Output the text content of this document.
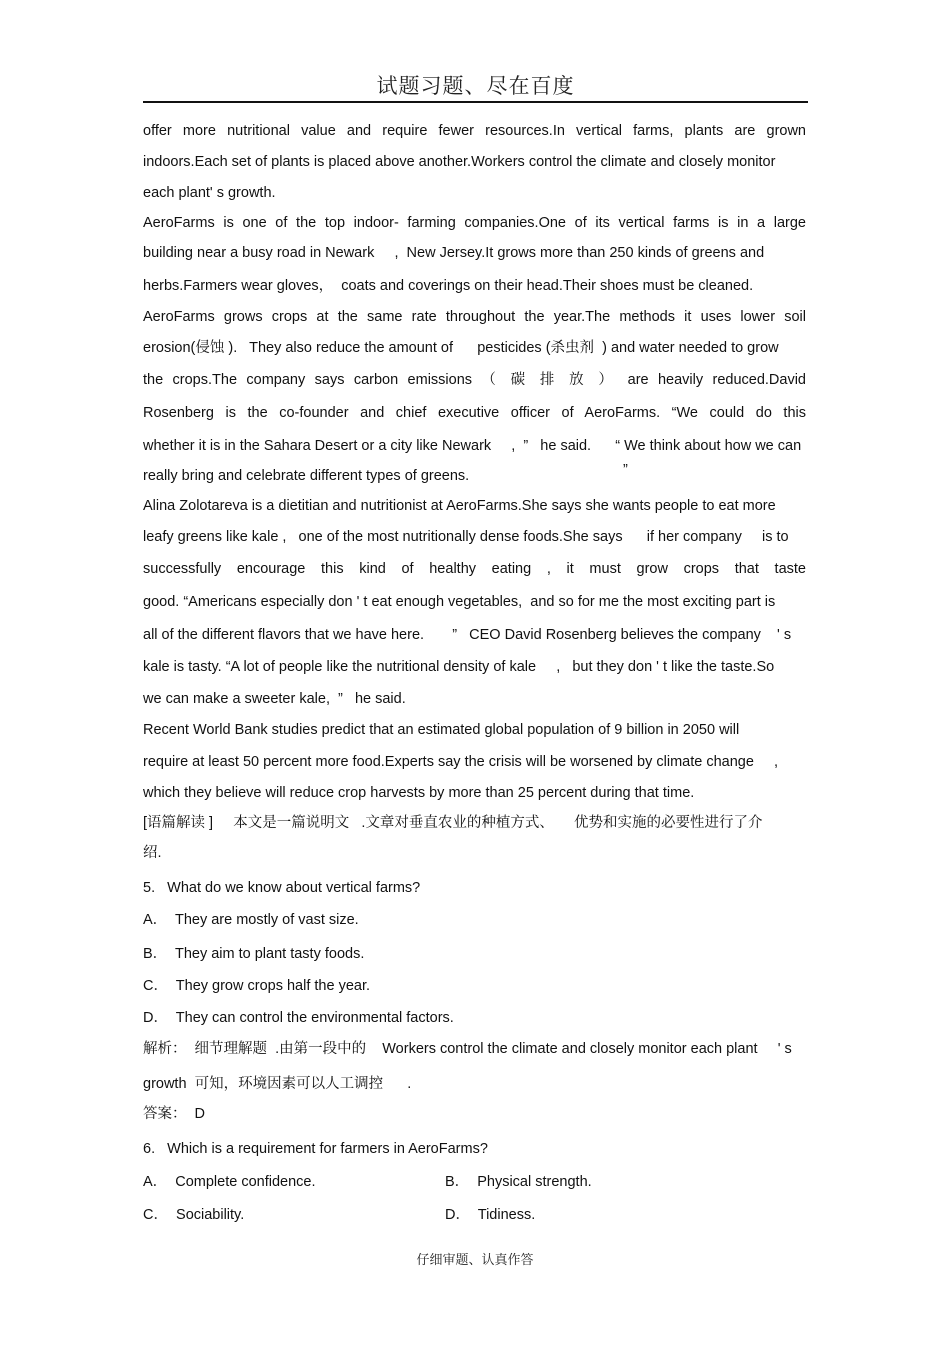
试题习题、尽在百度
offer more nutritional value and require fewer resources.In vertical farms, plants are grown
indoors.Each set of plants is placed above another.Workers control the climate and closely monitor
each plant' s growth.
AeroFarms is one of the top indoor- farming companies.One of its vertical farms is in a large
building near a busy road in Newark     ,  New Jersey.It grows more than 250 kinds of greens and
herbs.Farmers wear gloves，  coats and coverings on their head.Their shoes must be cleaned.
AeroFarms grows crops at the same rate throughout the year.The methods it uses lower soil
erosion(侵蚀 ).   They also reduce the amount of      pesticides (杀虫剂  ) and water needed to grow
the crops.The company says carbon emissions （ 碳 排 放 ） are heavily reduced.David
Rosenberg is the co-founder and chief executive officer of AeroFarms. “We could do this
whether it is in the Sahara Desert or a city like Newark     ,  ”   he said.      “ We think about how we can
really bring and celebrate different types of greens.	”
Alina Zolotareva is a dietitian and nutritionist at AeroFarms.She says she wants people to eat more
leafy greens like kale ,   one of the most nutritionally dense foods.She says      if her company     is to
successfully encourage this kind of healthy eating , it must grow crops that taste
good. “Americans especially don ' t eat enough vegetables,  and so for me the most exciting part is
all of the different flavors that we have here.       ”   CEO David Rosenberg believes the company    ' s
kale is tasty. “A lot of people like the nutritional density of kale     ,   but they don ' t like the taste.So
we can make a sweeter kale,  ”   he said.
Recent World Bank studies predict that an estimated global population of 9 billion in 2050 will
require at least 50 percent more food.Experts say the crisis will be worsened by climate change     ,
which they believe will reduce crop harvests by more than 25 percent during that time.
[语篇解读 ]     本文是一篇说明文   .文章对垂直农业的种植方式、     优势和实施的必要性进行了介
绍.
5.   What do we know about vertical farms?
A．  They are mostly of vast size.
B．  They aim to plant tasty foods.
C．  They grow crops half the year.
D．  They can control the environmental factors.
解析：  细节理解题  .由第一段中的    Workers control the climate and closely monitor each plant     ' s
growth  可知，环境因素可以人工调控      .
答案：  D
6.   Which is a requirement for farmers in AeroFarms?
A．  Complete confidence.	B．  Physical strength.
C．  Sociability.	D．  Tidiness.
仔细审题、认真作答
